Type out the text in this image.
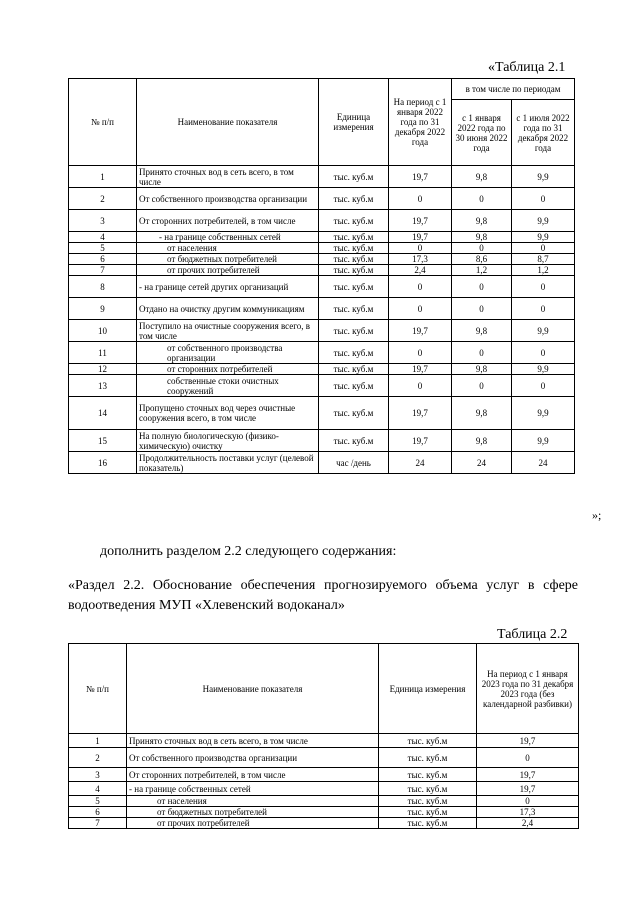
«Таблица 2.1
№ п/п	Наименование показателя	Единица измерения	На период с 1 января 2022 года по 31 декабря 2022 года	в том числе по периодам	
				с 1 января 2022 года по 30 июня 2022 года	с 1 июля 2022 года по 31 декабря 2022 года
1	Принято сточных вод в сеть всего, в том числе	тыс. куб.м	19,7	9,8	9,9
2	От собственного производства организации	тыс. куб.м	0	0	0
3	От сторонних потребителей, в том числе	тыс. куб.м	19,7	9,8	9,9
4	- на границе собственных сетей	тыс. куб.м	19,7	9,8	9,9
5	от населения	тыс. куб.м	0	0	0
6	от бюджетных потребителей	тыс. куб.м	17,3	8,6	8,7
7	от прочих потребителей	тыс. куб.м	2,4	1,2	1,2
8	- на границе сетей других организаций	тыс. куб.м	0	0	0
9	Отдано на очистку другим коммуникациям	тыс. куб.м	0	0	0
10	Поступило на очистные сооружения всего, в том числе	тыс. куб.м	19,7	9,8	9,9
11	от собственного производства организации	тыс. куб.м	0	0	0
12	от сторонних потребителей	тыс. куб.м	19,7	9,8	9,9
13	собственные стоки очистных сооружений	тыс. куб.м	0	0	0
14	Пропущено сточных вод через очистные сооружения всего, в том числе	тыс. куб.м	19,7	9,8	9,9
15	На полную биологическую (физико-химическую) очистку	тыс. куб.м	19,7	9,8	9,9
16	Продолжительность поставки услуг (целевой показатель)	час /день	24	24	24
»;
дополнить разделом 2.2 следующего содержания:
«Раздел 2.2. Обоснование обеспечения прогнозируемого объема услуг в сфере водоотведения МУП «Хлевенский водоканал»
Таблица 2.2
№ п/п	Наименование показателя	Единица измерения	На период с 1 января 2023 года по 31 декабря 2023 года (без календарной разбивки)
1	Принято сточных вод в сеть всего, в том числе	тыс. куб.м	19,7
2	От собственного производства организации	тыс. куб.м	0
3	От сторонних потребителей, в том числе	тыс. куб.м	19,7
4	- на границе собственных сетей	тыс. куб.м	19,7
5	от населения	тыс. куб.м	0
6	от бюджетных потребителей	тыс. куб.м	17,3
7	от прочих потребителей	тыс. куб.м	2,4
